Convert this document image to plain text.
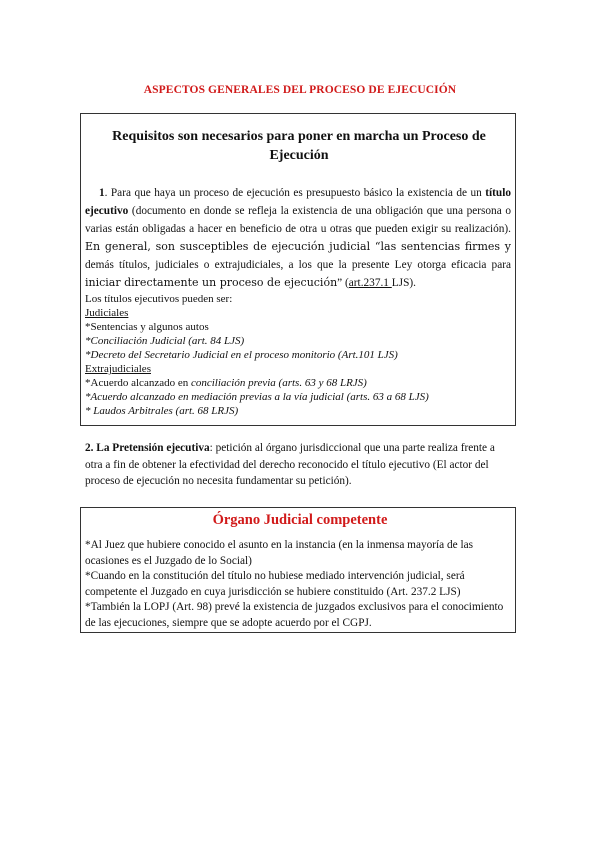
ASPECTOS GENERALES DEL PROCESO DE EJECUCIÓN
Requisitos son necesarios para poner en marcha un Proceso de
Ejecución

1. Para que haya un proceso de ejecución es presupuesto básico la existencia de un título ejecutivo (documento en donde se refleja la existencia de una obligación que una persona o varias están obligadas a hacer en beneficio de otra u otras que pueden exigir su realización). En general, son susceptibles de ejecución judicial “las sentencias firmes y demás títulos, judiciales o extrajudiciales, a los que la presente Ley otorga eficacia para iniciar directamente un proceso de ejecución” (art.237.1 LJS).

Los títulos ejecutivos pueden ser:
Judiciales
*Sentencias y algunos autos
*Conciliación Judicial (art. 84 LJS)
*Decreto del Secretario Judicial en el proceso monitorio (Art.101 LJS)
Extrajudiciales
*Acuerdo alcanzado en conciliación previa (arts. 63 y 68 LRJS)
*Acuerdo alcanzado en mediación previas a la vía judicial (arts. 63 a 68 LJS)
* Laudos Arbitrales (art. 68 LRJS)

2. La Pretensión ejecutiva: petición al órgano jurisdiccional que una parte realiza frente a otra a fin de obtener la efectividad del derecho reconocido el título ejecutivo (El actor del proceso de ejecución no necesita fundamentar su petición).

Órgano Judicial competente
*Al Juez que hubiere conocido el asunto en la instancia (en la inmensa mayoría de las ocasiones es el Juzgado de lo Social)
*Cuando en la constitución del título no hubiese mediado intervención judicial, será competente el Juzgado en cuya jurisdicción se hubiere constituido (Art. 237.2 LJS)
*También la LOPJ (Art. 98) prevé la existencia de juzgados exclusivos para el conocimiento de las ejecuciones, siempre que se adopte acuerdo por el CGPJ.
